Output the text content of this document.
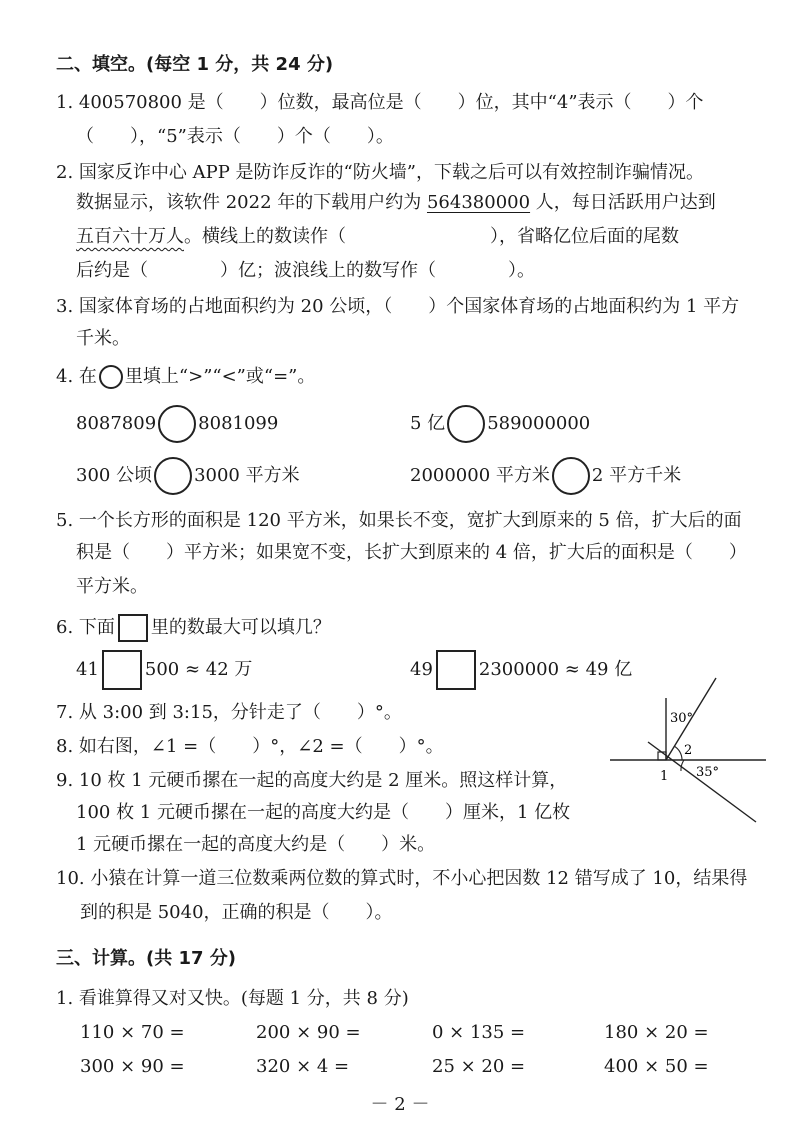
二、填空。(每空 1 分，共 24 分)
1. 400570800 是（　　）位数，最高位是（　　）位，其中“4”表示（　　）个
（　　），“5”表示（　　）个（　　）。
2. 国家反诈中心 APP 是防诈反诈的“防火墙”，下载之后可以有效控制诈骗情况。
数据显示，该软件 2022 年的下载用户约为 564380000 人，每日活跃用户达到
五百六十万人。横线上的数读作（　　　　　　　　），省略亿位后面的尾数
后约是（　　　　）亿；波浪线上的数写作（　　　　）。
3. 国家体育场的占地面积约为 20 公顷，（　　）个国家体育场的占地面积约为 1 平方
千米。
4. 在 里填上“>”“<”或“=”。
8087809 8081099	5 亿 589000000
300 公顷 3000 平方米	2000000 平方米 2 平方千米
5. 一个长方形的面积是 120 平方米，如果长不变，宽扩大到原来的 5 倍，扩大后的面
积是（　　）平方米；如果宽不变，长扩大到原来的 4 倍，扩大后的面积是（　　）
平方米。
6. 下面 里的数最大可以填几？
41	500 ≈ 42 万	49	2300000 ≈ 49 亿
7. 从 3:00 到 3:15，分针走了（　　）°。
8. 如右图，∠1 =（　　）°，∠2 =（　　）°。
30°
2
1 35°
9. 10 枚 1 元硬币摞在一起的高度大约是 2 厘米。照这样计算，
100 枚 1 元硬币摞在一起的高度大约是（　　）厘米，1 亿枚
1 元硬币摞在一起的高度大约是（　　）米。
10. 小猿在计算一道三位数乘两位数的算式时，不小心把因数 12 错写成了 10，结果得
到的积是 5040，正确的积是（　　）。
三、计算。(共 17 分)
1. 看谁算得又对又快。(每题 1 分，共 8 分)
110 × 70 =	200 × 90 =	0 × 135 =	180 × 20 =
300 × 90 =	320 × 4 =	25 × 20 =	400 × 50 =
－ 2 －
